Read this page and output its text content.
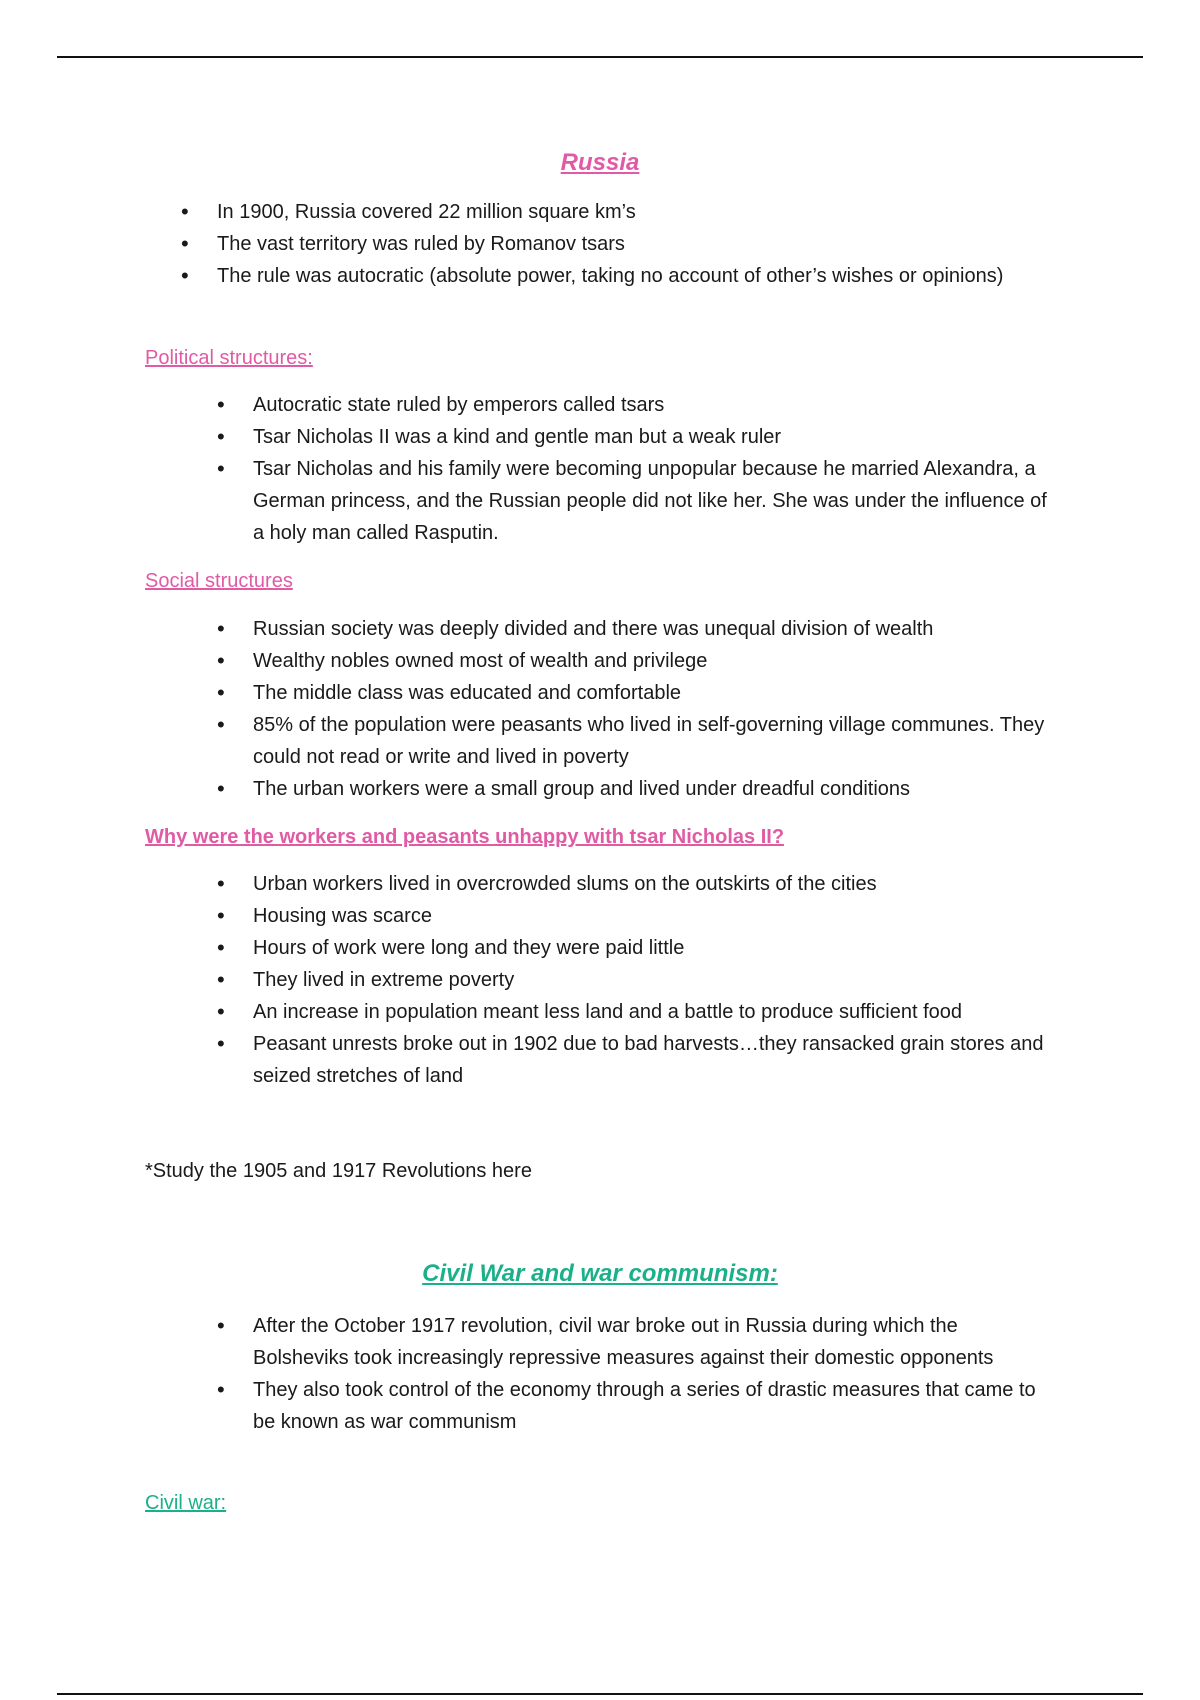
Russia
• In 1900, Russia covered 22 million square km’s
• The vast territory was ruled by Romanov tsars
• The rule was autocratic (absolute power, taking no account of other’s wishes or opinions)

Political structures:

• Autocratic state ruled by emperors called tsars
• Tsar Nicholas II was a kind and gentle man but a weak ruler
• Tsar Nicholas and his family were becoming unpopular because he married Alexandra, a German princess, and the Russian people did not like her. She was under the influence of a holy man called Rasputin.

Social structures

• Russian society was deeply divided and there was unequal division of wealth
• Wealthy nobles owned most of wealth and privilege
• The middle class was educated and comfortable
• 85% of the population were peasants who lived in self-governing village communes. They could not read or write and lived in poverty
• The urban workers were a small group and lived under dreadful conditions

Why were the workers and peasants unhappy with tsar Nicholas II?

• Urban workers lived in overcrowded slums on the outskirts of the cities
• Housing was scarce
• Hours of work were long and they were paid little
• They lived in extreme poverty
• An increase in population meant less land and a battle to produce sufficient food
• Peasant unrests broke out in 1902 due to bad harvests…they ransacked grain stores and seized stretches of land

*Study the 1905 and 1917 Revolutions here

Civil War and war communism:
• After the October 1917 revolution, civil war broke out in Russia during which the Bolsheviks took increasingly repressive measures against their domestic opponents
• They also took control of the economy through a series of drastic measures that came to be known as war communism

Civil war:
